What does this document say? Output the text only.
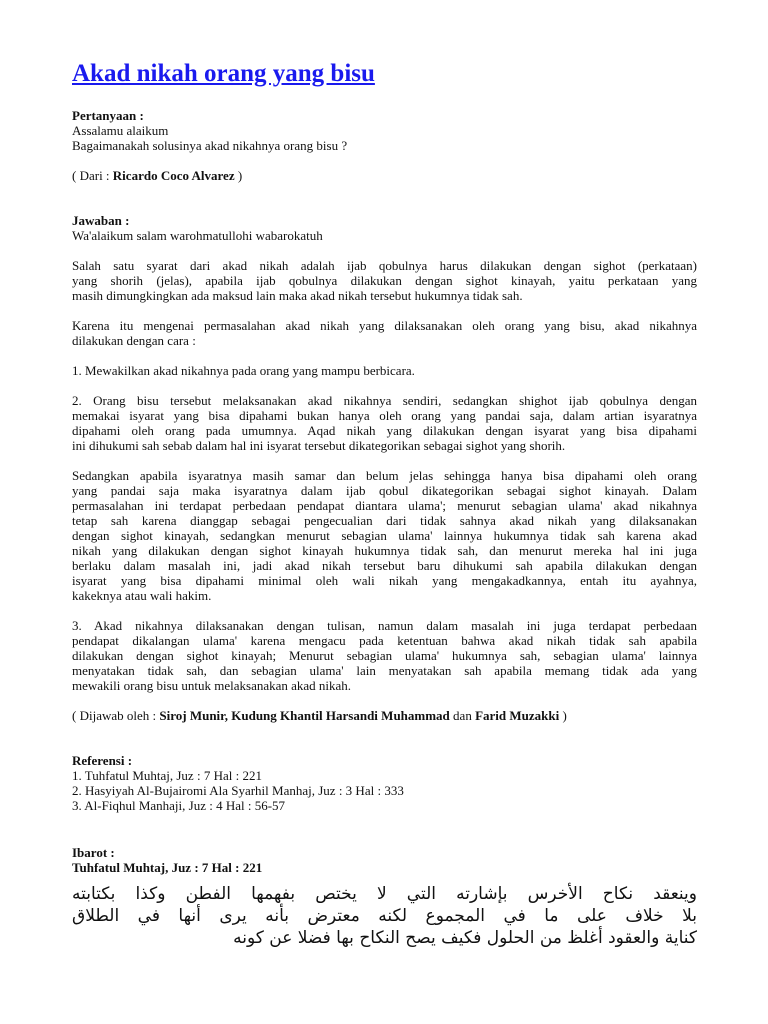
Akad nikah orang yang bisu
Pertanyaan :
Assalamu alaikum
Bagaimanakah solusinya akad nikahnya orang bisu ?
( Dari : Ricardo Coco Alvarez )
Jawaban :
Wa'alaikum salam warohmatullohi wabarokatuh
Salah satu syarat dari akad nikah adalah ijab qobulnya harus dilakukan dengan sighot (perkataan)
yang shorih (jelas), apabila ijab qobulnya dilakukan dengan sighot kinayah, yaitu perkataan yang
masih dimungkingkan ada maksud lain maka akad nikah tersebut hukumnya tidak sah.
Karena itu mengenai permasalahan akad nikah yang dilaksanakan oleh orang yang bisu, akad nikahnya
dilakukan dengan cara :
1. Mewakilkan akad nikahnya pada orang yang mampu berbicara.
2. Orang bisu tersebut melaksanakan akad nikahnya sendiri, sedangkan shighot ijab qobulnya dengan
memakai isyarat yang bisa dipahami bukan hanya oleh orang yang pandai saja, dalam artian isyaratnya
dipahami oleh orang pada umumnya. Aqad nikah yang dilakukan dengan isyarat yang bisa dipahami
ini dihukumi sah sebab dalam hal ini isyarat tersebut dikategorikan sebagai sighot yang shorih.
Sedangkan apabila isyaratnya masih samar dan belum jelas sehingga hanya bisa dipahami oleh orang
yang pandai saja maka isyaratnya dalam ijab qobul dikategorikan sebagai sighot kinayah. Dalam
permasalahan ini terdapat perbedaan pendapat diantara ulama'; menurut sebagian ulama' akad nikahnya
tetap sah karena dianggap sebagai pengecualian dari tidak sahnya akad nikah yang dilaksanakan
dengan sighot kinayah, sedangkan menurut sebagian ulama' lainnya hukumnya tidak sah karena akad
nikah yang dilakukan dengan sighot kinayah hukumnya tidak sah, dan menurut mereka hal ini juga
berlaku dalam masalah ini, jadi akad nikah tersebut baru dihukumi sah apabila dilakukan dengan
isyarat yang bisa dipahami minimal oleh wali nikah yang mengakadkannya, entah itu ayahnya,
kakeknya atau wali hakim.
3. Akad nikahnya dilaksanakan dengan tulisan, namun dalam masalah ini juga terdapat perbedaan
pendapat dikalangan ulama' karena mengacu pada ketentuan bahwa akad nikah tidak sah apabila
dilakukan dengan sighot kinayah; Menurut sebagian ulama' hukumnya sah, sebagian ulama' lainnya
menyatakan tidak sah, dan sebagian ulama' lain menyatakan sah apabila memang tidak ada yang
mewakili orang bisu untuk melaksanakan akad nikah.
( Dijawab oleh : Siroj Munir, Kudung Khantil Harsandi Muhammad dan Farid Muzakki )
Referensi :
1. Tuhfatul Muhtaj, Juz : 7 Hal : 221
2. Hasyiyah Al-Bujairomi Ala Syarhil Manhaj, Juz : 3 Hal : 333
3. Al-Fiqhul Manhaji, Juz : 4 Hal : 56-57
Ibarot :
Tuhfatul Muhtaj, Juz : 7 Hal : 221
وينعقد نكاح الأخرس بإشارته التي لا يختص بفهمها الفطن وكذا بكتابته
بلا خلاف على ما في المجموع لكنه معترض بأنه يرى أنها في الطلاق
كناية والعقود أغلظ من الحلول فكيف يصح النكاح بها فضلا عن كونه
